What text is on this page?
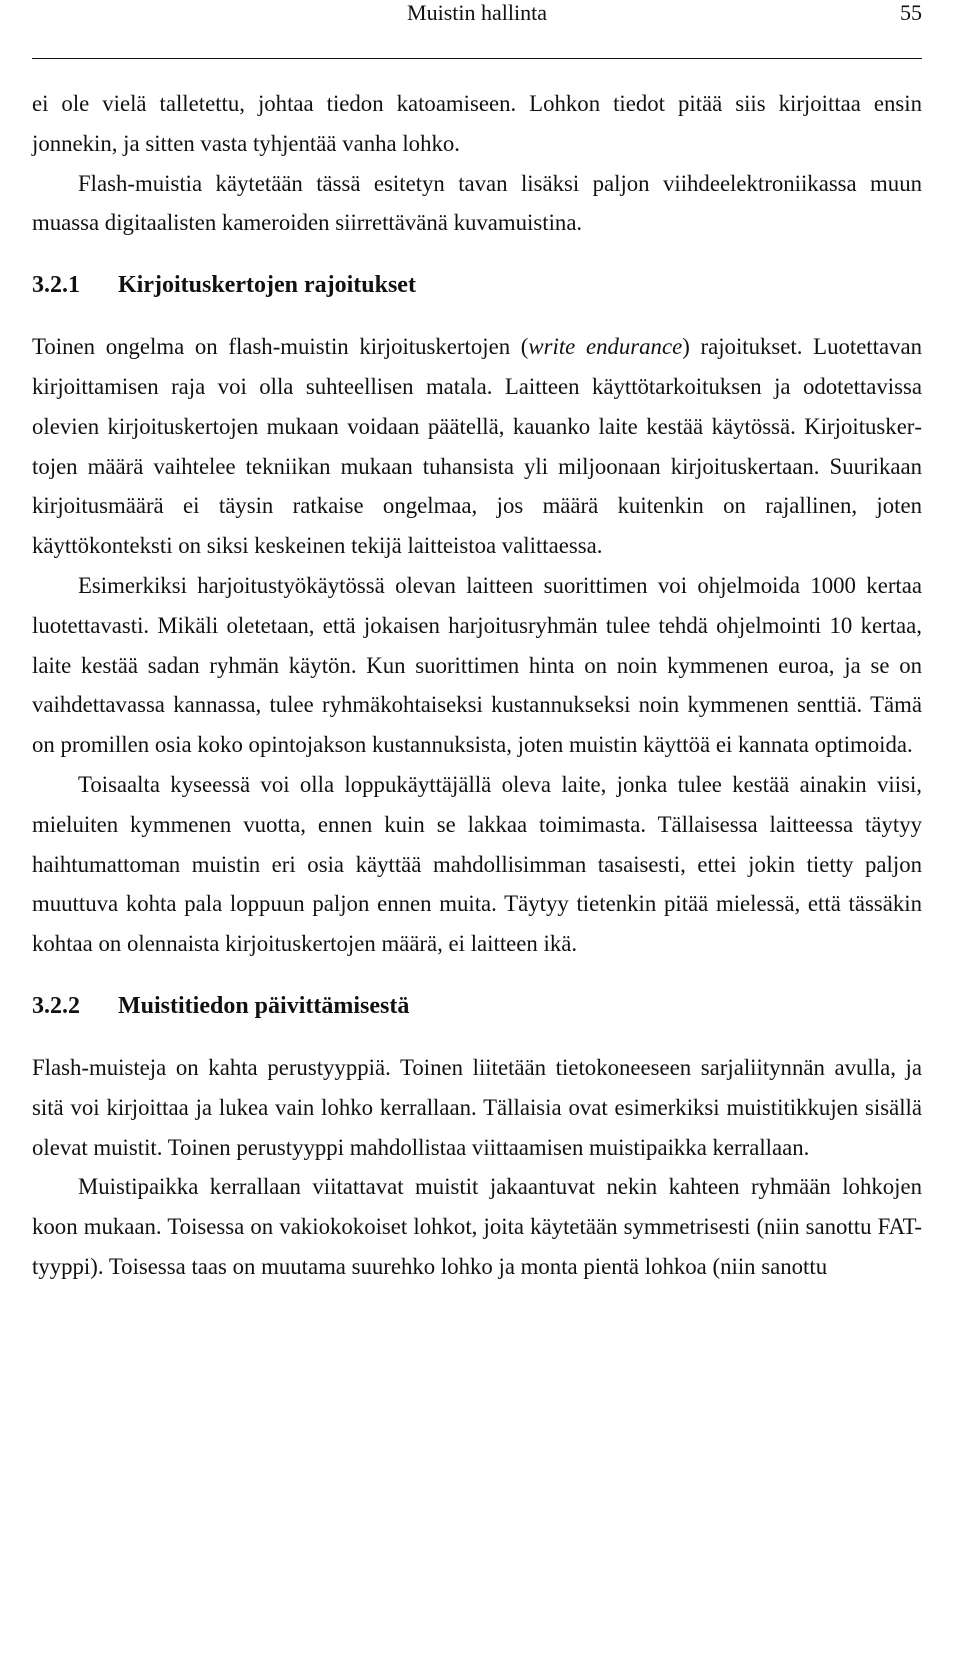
Muistin hallinta	55

ei ole vielä talletettu, johtaa tiedon katoamiseen. Lohkon tiedot pitää siis kirjoittaa ensin jonnekin, ja sitten vasta tyhjentää vanha lohko.

Flash-muistia käytetään tässä esitetyn tavan lisäksi paljon viihdeelektroniikassa muun muassa digitaalisten kameroiden siirrettävänä kuvamuistina.

3.2.1 Kirjoituskertojen rajoitukset

Toinen ongelma on flash-muistin kirjoituskertojen (write endurance) rajoitukset. Luotettavan kirjoittamisen raja voi olla suhteellisen matala. Laitteen käyttötarkoituksen ja odotettavissa olevien kirjoituskertojen mukaan voidaan päätellä, kauanko laite kestää käytössä. Kirjoituskertojen määrä vaihtelee tekniikan mukaan tuhansista yli miljoonaan kirjoituskertaan. Suurikaan kirjoitusmäärä ei täysin ratkaise ongelmaa, jos määrä kuitenkin on rajallinen, joten käyttökonteksti on siksi keskeinen tekijä laitteistoa valittaessa.

Esimerkiksi harjoitustyökäytössä olevan laitteen suorittimen voi ohjelmoida 1000 kertaa luotettavasti. Mikäli oletetaan, että jokaisen harjoitusryhmän tulee tehdä ohjelmointi 10 kertaa, laite kestää sadan ryhmän käytön. Kun suorittimen hinta on noin kymmenen euroa, ja se on vaihdettavassa kannassa, tulee ryhmäkohtaiseksi kustannukseksi noin kymmenen senttiä. Tämä on promillen osia koko opintojakson kustannuksista, joten muistin käyttöä ei kannata optimoida.

Toisaalta kyseessä voi olla loppukäyttäjällä oleva laite, jonka tulee kestää ainakin viisi, mieluiten kymmenen vuotta, ennen kuin se lakkaa toimimasta. Tällaisessa laitteessa täytyy haihtumattoman muistin eri osia käyttää mahdollisimman tasaisesti, ettei jokin tietty paljon muuttuva kohta pala loppuun paljon ennen muita. Täytyy tietenkin pitää mielessä, että tässäkin kohtaa on olennaista kirjoituskertojen määrä, ei laitteen ikä.

3.2.2 Muistitiedon päivittämisestä

Flash-muisteja on kahta perustyyppiä. Toinen liitetään tietokoneeseen sarjaliitynnän avulla, ja sitä voi kirjoittaa ja lukea vain lohko kerrallaan. Tällaisia ovat esimerkiksi muistitikkujen sisällä olevat muistit. Toinen perustyyppi mahdollistaa viittaamisen muistipaikka kerrallaan.

Muistipaikka kerrallaan viitattavat muistit jakaantuvat nekin kahteen ryhmään lohkojen koon mukaan. Toisessa on vakiokokoiset lohkot, joita käytetään symmetrisesti (niin sanottu FAT-tyyppi). Toisessa taas on muutama suurehko lohko ja monta pientä lohkoa (niin sanottu
